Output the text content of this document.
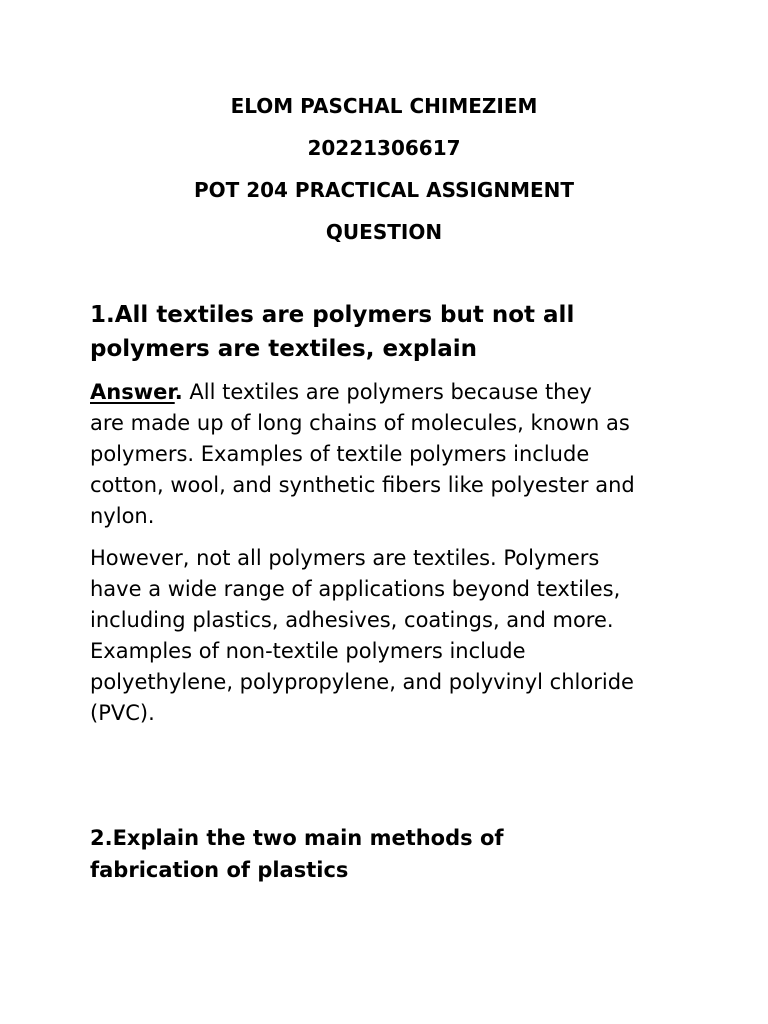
ELOM PASCHAL CHIMEZIEM
20221306617
POT 204 PRACTICAL ASSIGNMENT
QUESTION
1.All textiles are polymers but not all
polymers are textiles, explain
Answer. All textiles are polymers because they
are made up of long chains of molecules, known as
polymers. Examples of textile polymers include
cotton, wool, and synthetic fibers like polyester and
nylon.
However, not all polymers are textiles. Polymers
have a wide range of applications beyond textiles,
including plastics, adhesives, coatings, and more.
Examples of non-textile polymers include
polyethylene, polypropylene, and polyvinyl chloride
(PVC).
2.Explain the two main methods of
fabrication of plastics
